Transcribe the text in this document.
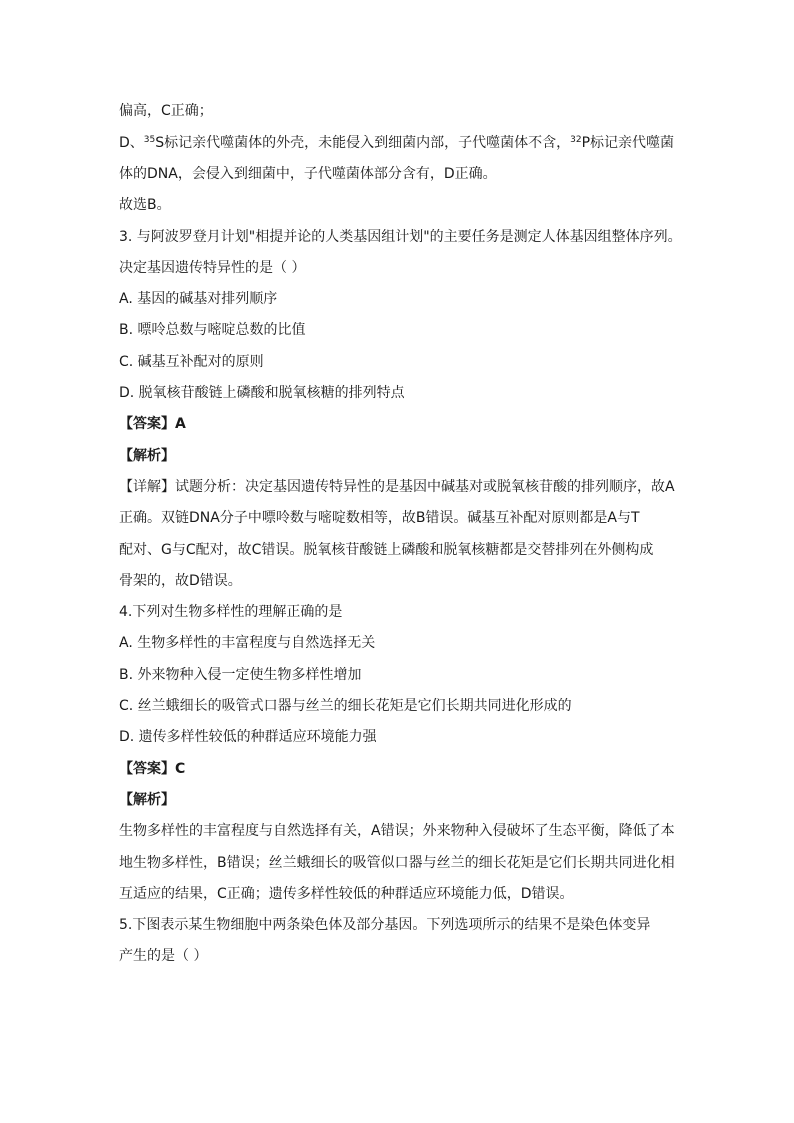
偏高，C正确；
D、$^{35}$S标记亲代噬菌体的外壳，未能侵入到细菌内部，子代噬菌体不含，$^{32}$P标记亲代噬菌
体的DNA，会侵入到细菌中，子代噬菌体部分含有，D正确。
故选B。
3. 与阿波罗登月计划"相提并论的人类基因组计划"的主要任务是测定人体基因组整体序列。
决定基因遗传特异性的是（ ）
A. 基因的碱基对排列顺序
B. 嘌呤总数与嘧啶总数的比值
C. 碱基互补配对的原则
D. 脱氧核苷酸链上磷酸和脱氧核糖的排列特点
【答案】A
【解析】
【详解】试题分析：决定基因遗传特异性的是基因中碱基对或脱氧核苷酸的排列顺序，故A
正确。双链DNA分子中嘌呤数与嘧啶数相等，故B错误。碱基互补配对原则都是A与T
配对、G与C配对，故C错误。脱氧核苷酸链上磷酸和脱氧核糖都是交替排列在外侧构成
骨架的，故D错误。
4.下列对生物多样性的理解正确的是
A. 生物多样性的丰富程度与自然选择无关
B. 外来物种入侵一定使生物多样性增加
C. 丝兰蛾细长的吸管式口器与丝兰的细长花矩是它们长期共同进化形成的
D. 遗传多样性较低的种群适应环境能力强
【答案】C
【解析】
生物多样性的丰富程度与自然选择有关，A错误；外来物种入侵破坏了生态平衡，降低了本
地生物多样性，B错误；丝兰蛾细长的吸管似口器与丝兰的细长花矩是它们长期共同进化相
互适应的结果，C正确；遗传多样性较低的种群适应环境能力低，D错误。
5.下图表示某生物细胞中两条染色体及部分基因。下列选项所示的结果不是染色体变异
产生的是（ ）
